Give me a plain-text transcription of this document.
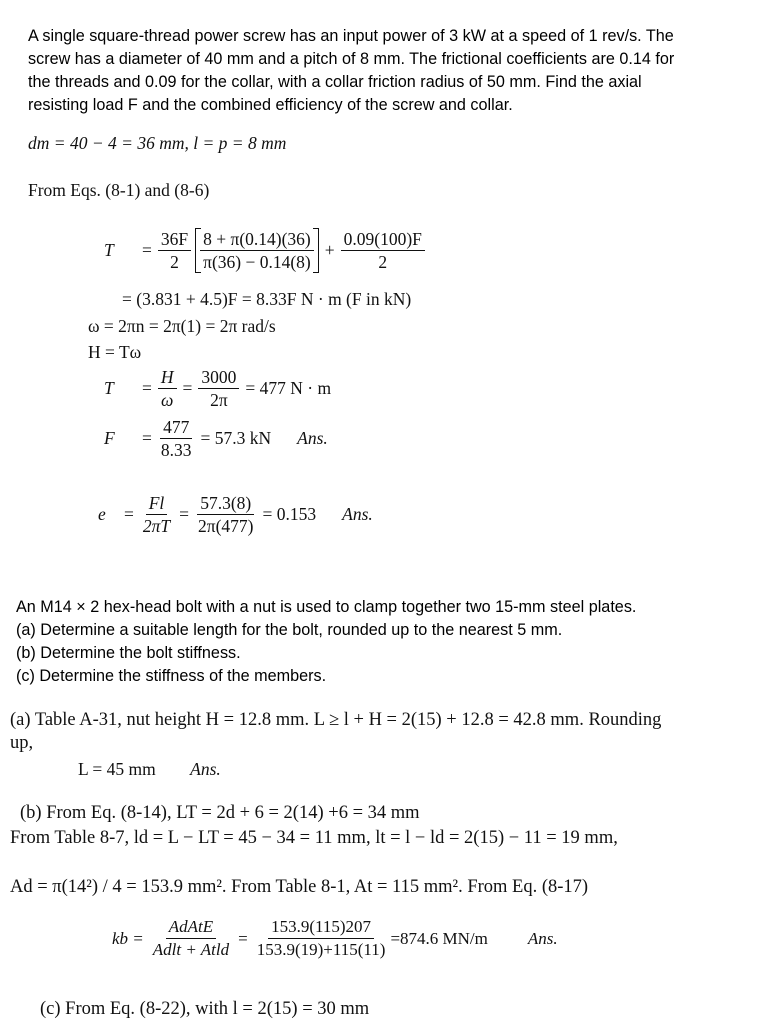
A single square-thread power screw has an input power of 3 kW at a speed of 1 rev/s. The
screw has a diameter of 40 mm and a pitch of 8 mm. The frictional coefficients are 0.14 for
the threads and 0.09 for the collar, with a collar friction radius of 50 mm. Find the axial
resisting load F and the combined efficiency of the screw and collar.
dm = 40 − 4 = 36 mm, l = p = 8 mm
From Eqs. (8-1) and (8-6)
T	= $\frac{36F}{2} \frac{8 + \pi(0.14)(36)}{\pi(36) - 0.14(8)} + \frac{0.09(100)F}{2}$
= (3.831 + 4.5)F = 8.33F N · m (F in kN)
ω = 2πn = 2π(1) = 2π rad/s
H = Tω
T	= $\frac{H}{\omega} = \frac{3000}{2\pi} = 477$ N · m
F	= $\frac{477}{8.33} = 57.3$ kN Ans.
e	= $\frac{Fl}{2\pi T} = \frac{57.3(8)}{2\pi(477)} = 0.153$ Ans.
An M14 × 2 hex-head bolt with a nut is used to clamp together two 15-mm steel plates.
(a) Determine a suitable length for the bolt, rounded up to the nearest 5 mm.
(b) Determine the bolt stiffness.
(c) Determine the stiffness of the members.
(a) Table A-31, nut height H = 12.8 mm. L ≥ l + H = 2(15) + 12.8 = 42.8 mm. Rounding
up,
L = 45 mm Ans.
(b) From Eq. (8-14), LT = 2d + 6 = 2(14) +6 = 34 mm
From Table 8-7, ld = L − LT = 45 − 34 = 11 mm, lt = l − ld = 2(15) − 11 = 19 mm,
Ad = π(14²) / 4 = 153.9 mm². From Table 8-1, At = 115 mm². From Eq. (8-17)
kb = $\frac{\text{AdAtE}}{\text{Adlt + Atld}} = \frac{153.9(115)207}{153.9(19)+115(11)} =874.6$ MN/m Ans.
(c) From Eq. (8-22), with l = 2(15) = 30 mm
